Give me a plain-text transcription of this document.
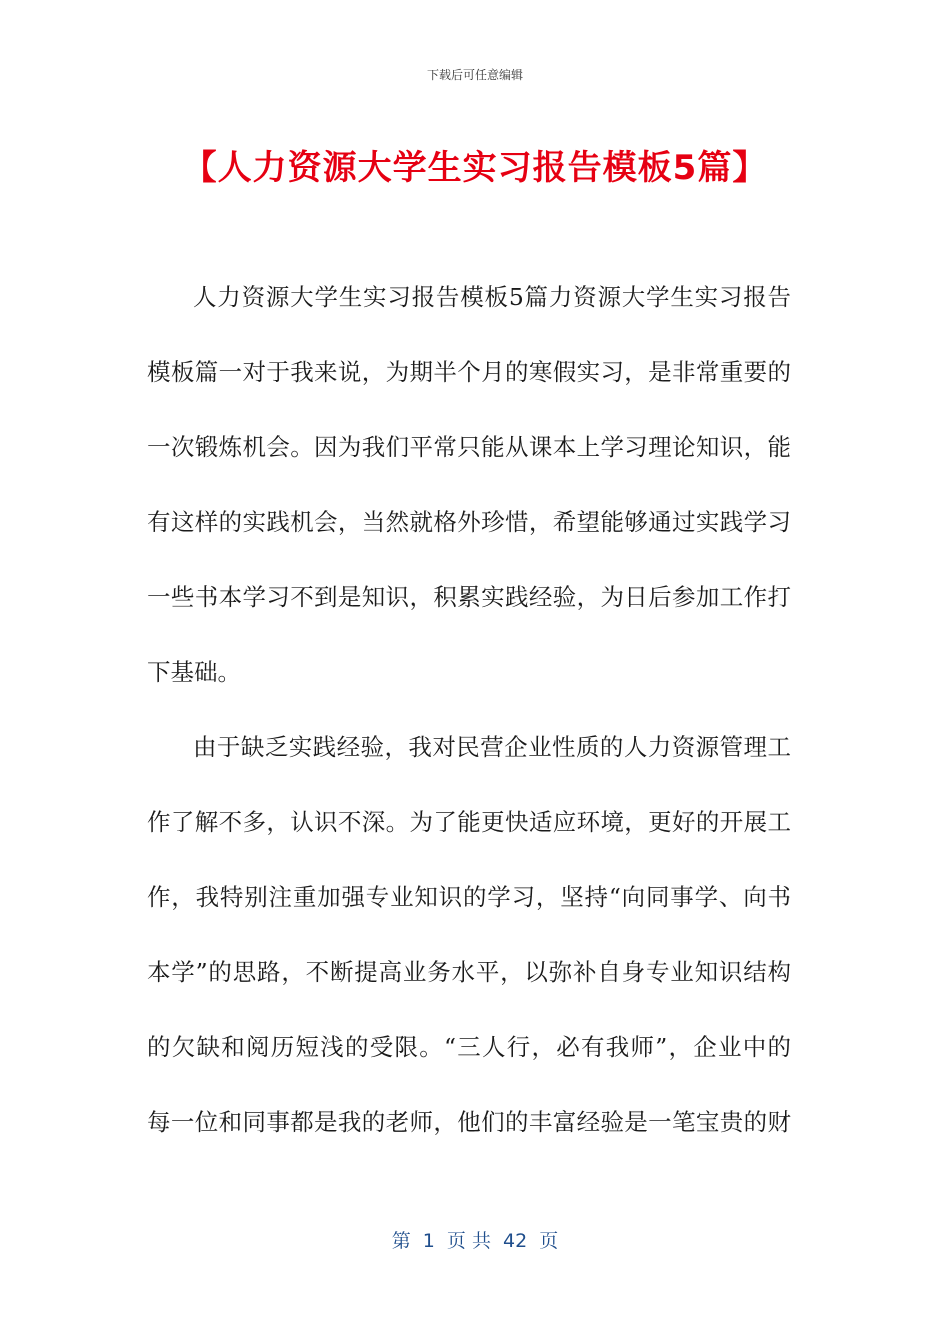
下载后可任意编辑
【人力资源大学生实习报告模板5篇】
人力资源大学生实习报告模板5篇力资源大学生实习报告
模板篇一对于我来说，为期半个月的寒假实习，是非常重要的
一次锻炼机会。因为我们平常只能从课本上学习理论知识，能
有这样的实践机会，当然就格外珍惜，希望能够通过实践学习
一些书本学习不到是知识，积累实践经验，为日后参加工作打
下基础。
由于缺乏实践经验，我对民营企业性质的人力资源管理工
作了解不多，认识不深。为了能更快适应环境，更好的开展工
作，我特别注重加强专业知识的学习，坚持“向同事学、向书
本学”的思路，不断提高业务水平，以弥补自身专业知识结构
的欠缺和阅历短浅的受限。“三人行，必有我师”，企业中的
每一位和同事都是我的老师，他们的丰富经验是一笔宝贵的财
第  1  页 共  42  页
